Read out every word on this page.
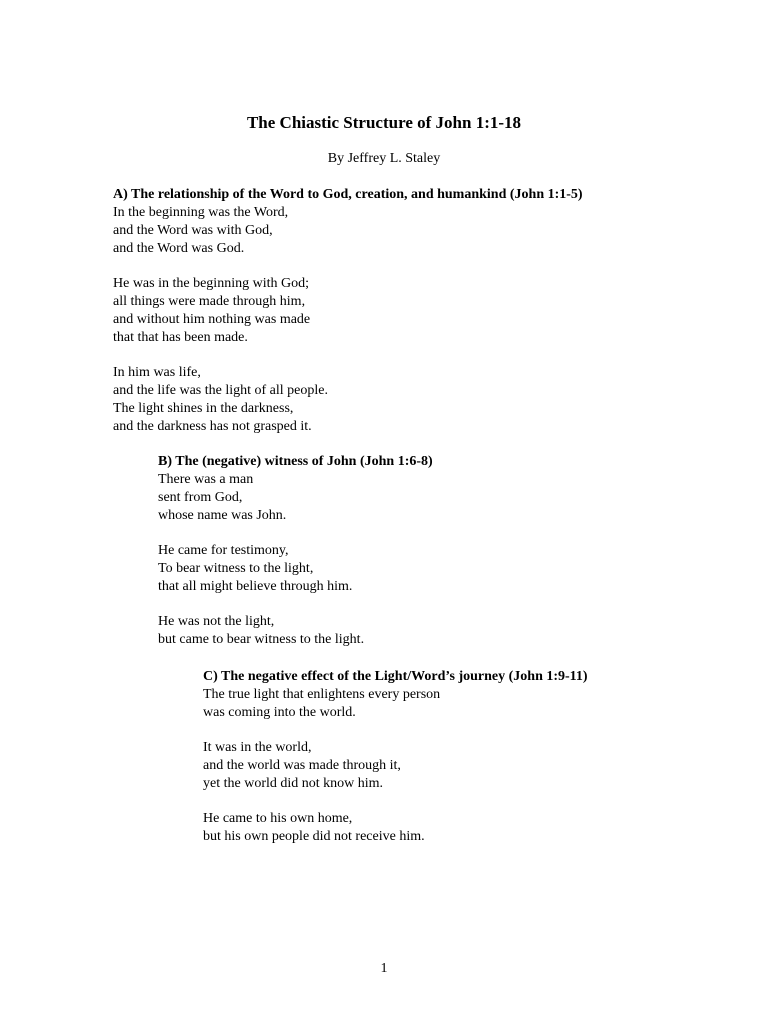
The Chiastic Structure of John 1:1-18
By Jeffrey L. Staley
A) The relationship of the Word to God, creation, and humankind (John 1:1-5)
In the beginning was the Word,
and the Word was with God,
and the Word was God.
He was in the beginning with God;
all things were made through him,
and without him nothing was made
that that has been made.
In him was life,
and the life was the light of all people.
The light shines in the darkness,
and the darkness has not grasped it.
B) The (negative) witness of John (John 1:6-8)
There was a man
sent from God,
whose name was John.
He came for testimony,
To bear witness to the light,
that all might believe through him.
He was not the light,
but came to bear witness to the light.
C) The negative effect of the Light/Word’s journey (John 1:9-11)
The true light that enlightens every person
was coming into the world.
It was in the world,
and the world was made through it,
yet the world did not know him.
He came to his own home,
but his own people did not receive him.
1
